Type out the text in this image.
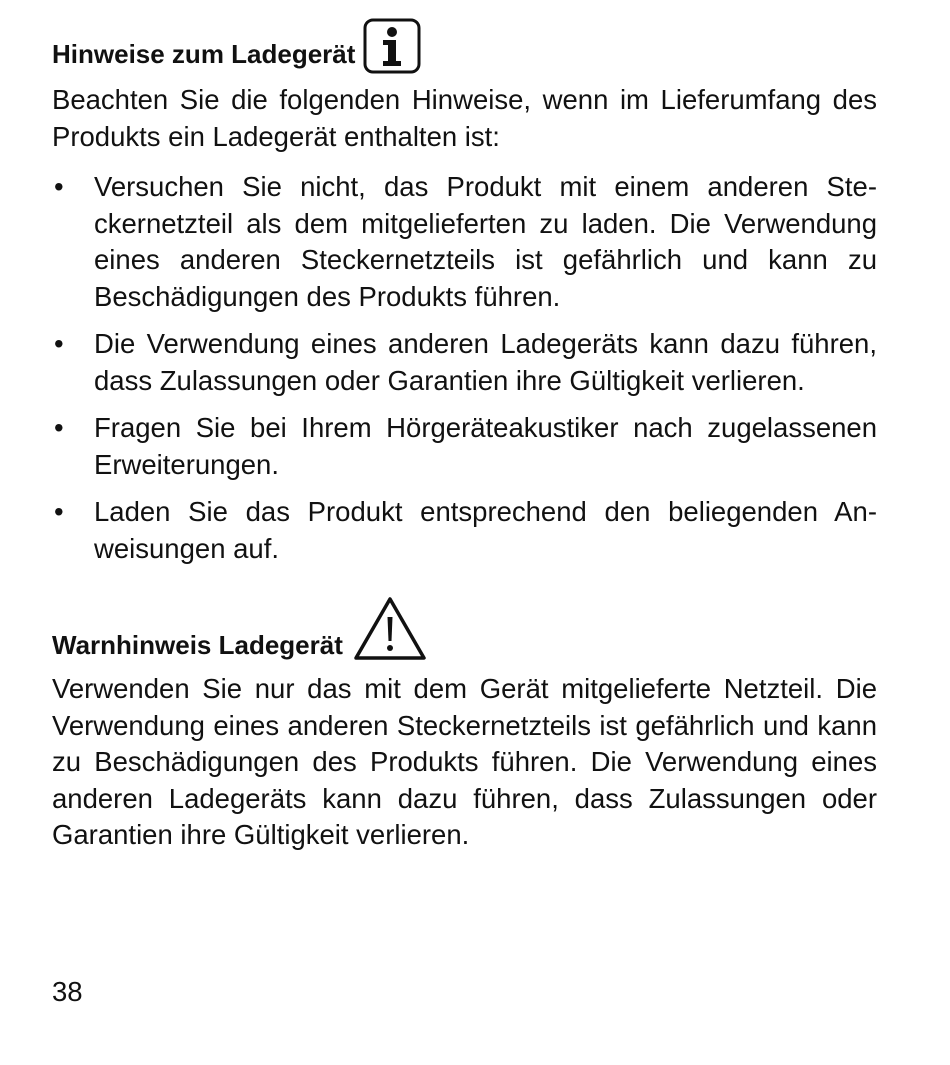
Hinweise zum Ladegerät

Beachten Sie die folgenden Hinweise, wenn im Lieferumfang des Produkts ein Ladegerät enthalten ist:

• Versuchen Sie nicht, das Produkt mit einem anderen Steckernetzteil als dem mitgelieferten zu laden. Die Verwendung eines anderen Steckernetzteils ist gefährlich und kann zu Beschädigungen des Produkts führen.
• Die Verwendung eines anderen Ladegeräts kann dazu führen, dass Zulassungen oder Garantien ihre Gültigkeit verlieren.
• Fragen Sie bei Ihrem Hörgeräteakustiker nach zugelassenen Erweiterungen.
• Laden Sie das Produkt entsprechend den beliegenden Anweisungen auf.
Warnhinweis Ladegerät

Verwenden Sie nur das mit dem Gerät mitgelieferte Netzteil. Die Verwendung eines anderen Steckernetzteils ist gefährlich und kann zu Beschädigungen des Produkts führen. Die Verwendung eines anderen Ladegeräts kann dazu führen, dass Zulassungen oder Garantien ihre Gültigkeit verlieren.

38
